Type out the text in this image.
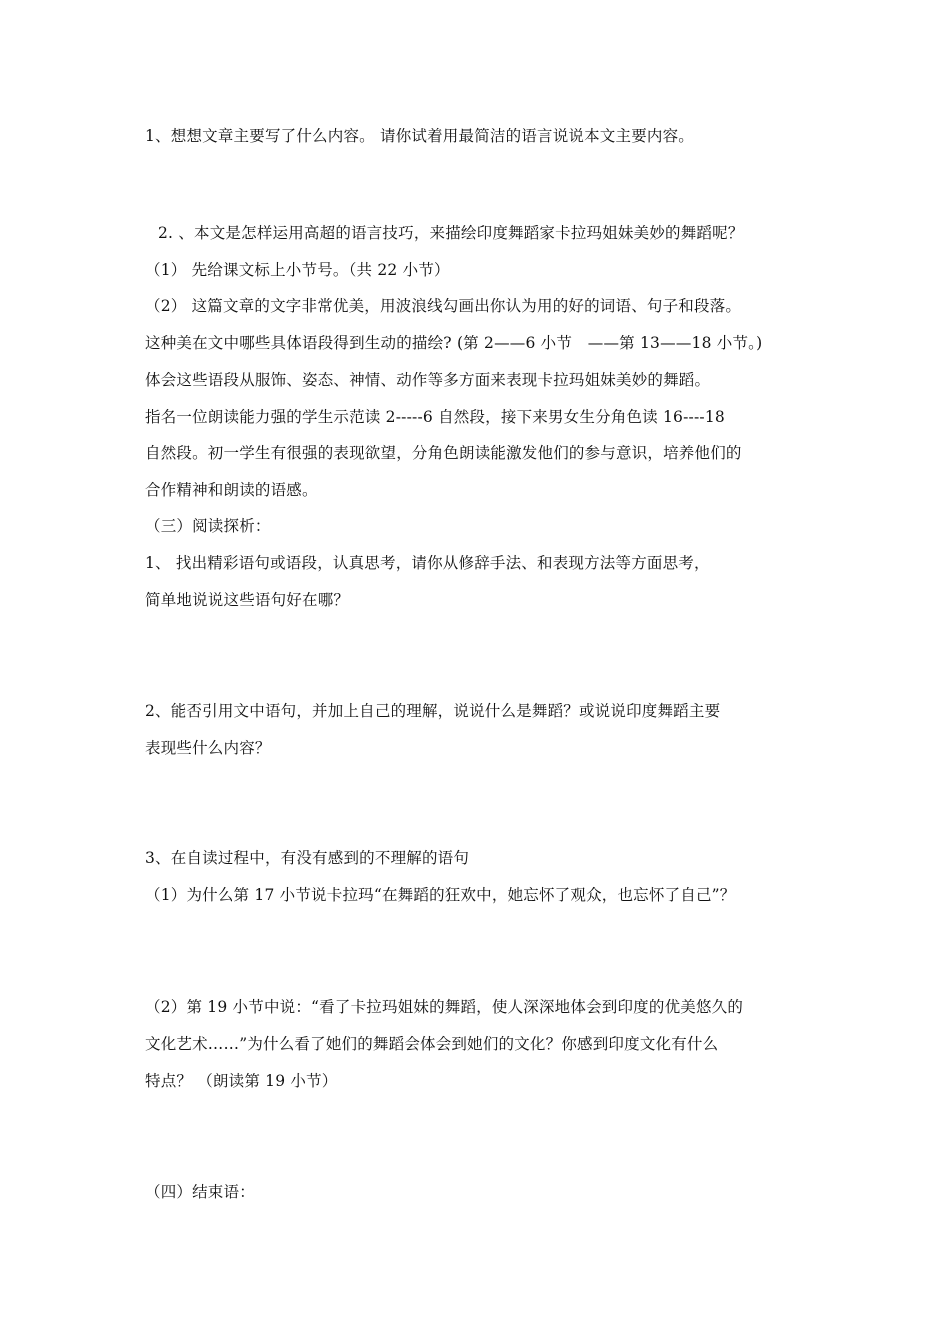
1、想想文章主要写了什么内容。 请你试着用最简洁的语言说说本文主要内容。
2. 、本文是怎样运用高超的语言技巧，来描绘印度舞蹈家卡拉玛姐妹美妙的舞蹈呢？
（1） 先给课文标上小节号。（共 22 小节）
（2） 这篇文章的文字非常优美，用波浪线勾画出你认为用的好的词语、句子和段落。
这种美在文中哪些具体语段得到生动的描绘? (第 2——6 小节　——第 13——18 小节。)
体会这些语段从服饰、姿态、神情、动作等多方面来表现卡拉玛姐妹美妙的舞蹈。
指名一位朗读能力强的学生示范读 2-----6 自然段，接下来男女生分角色读 16----18
自然段。初一学生有很强的表现欲望，分角色朗读能激发他们的参与意识，培养他们的
合作精神和朗读的语感。
（三）阅读探析：
1、 找出精彩语句或语段，认真思考，请你从修辞手法、和表现方法等方面思考，
简单地说说这些语句好在哪？
2、能否引用文中语句，并加上自己的理解，说说什么是舞蹈？或说说印度舞蹈主要
表现些什么内容？
3、在自读过程中，有没有感到的不理解的语句
（1）为什么第 17 小节说卡拉玛“在舞蹈的狂欢中，她忘怀了观众，也忘怀了自己”？
（2）第 19 小节中说：“看了卡拉玛姐妹的舞蹈，使人深深地体会到印度的优美悠久的
文化艺术……”为什么看了她们的舞蹈会体会到她们的文化？你感到印度文化有什么
特点？ （朗读第 19 小节）
（四）结束语：
